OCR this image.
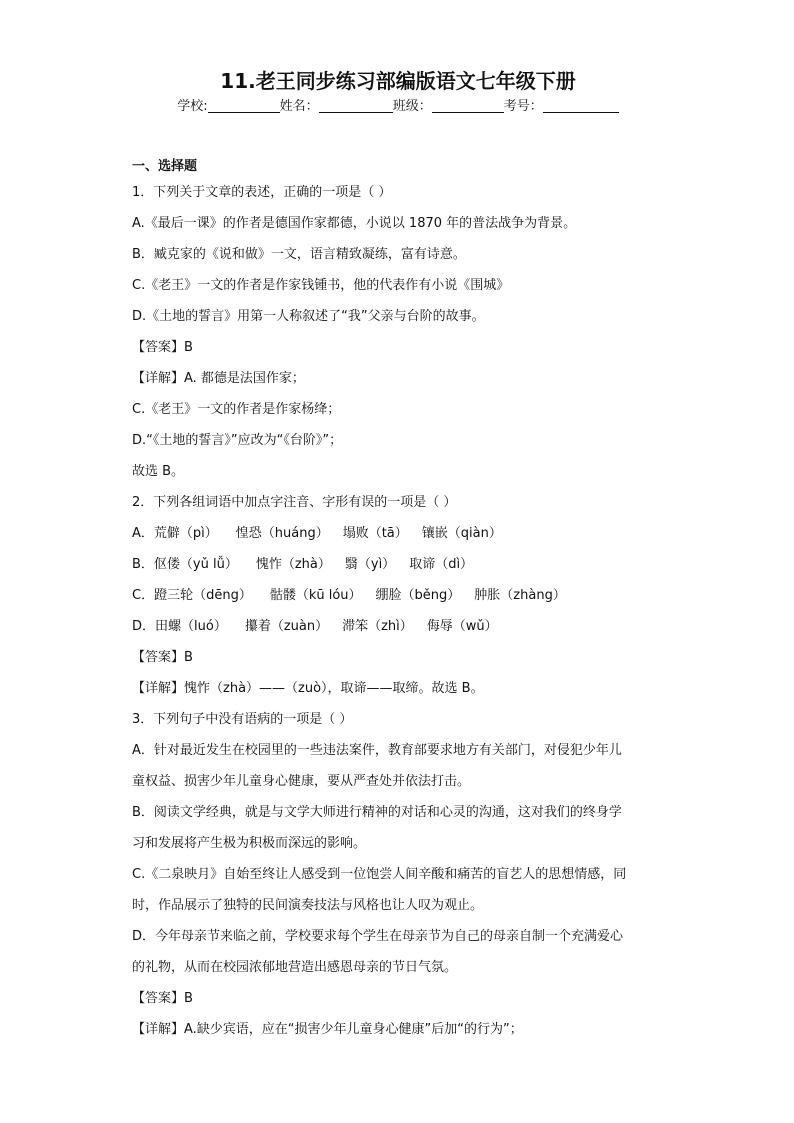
11.老王同步练习部编版语文七年级下册
学校:	姓名：	班级：	考号：

一、选择题

1．下列关于文章的表述，正确的一项是（ ）

A.《最后一课》的作者是德国作家都德，小说以 1870 年的普法战争为背景。

B．臧克家的《说和做》一文，语言精致凝练，富有诗意。

C.《老王》一文的作者是作家钱锺书，他的代表作有小说《围城》

D.《土地的誓言》用第一人称叙述了“我”父亲与台阶的故事。

【答案】B

【详解】A. 都德是法国作家；

C.《老王》一文的作者是作家杨绛；

D.“《土地的誓言》”应改为“《台阶》”；

故选 B。

2．下列各组词语中加点字注音、字形有误的一项是（ ）

A．荒僻（pì） 惶恐（huáng） 塌败（tā） 镶嵌（qiàn）

B．伛偻（yǔ lǚ） 愧怍（zhà） 翳（yì） 取谛（dì）

C．蹬三轮（dēng） 骷髅（kū lóu） 绷脸（běng） 肿胀（zhàng）

D．田螺（luó） 攥着（zuàn） 滞笨（zhì） 侮辱（wǔ）

【答案】B

【详解】愧怍（zhà）——（zuò），取谛——取缔。故选 B。

3．下列句子中没有语病的一项是（ ）

A．针对最近发生在校园里的一些违法案件，教育部要求地方有关部门，对侵犯少年儿

童权益、损害少年儿童身心健康，要从严查处并依法打击。

B．阅读文学经典，就是与文学大师进行精神的对话和心灵的沟通，这对我们的终身学

习和发展将产生极为积极而深远的影响。

C.《二泉映月》自始至终让人感受到一位饱尝人间辛酸和痛苦的盲艺人的思想情感，同

时，作品展示了独特的民间演奏技法与风格也让人叹为观止。

D．今年母亲节来临之前，学校要求每个学生在母亲节为自己的母亲自制一个充满爱心

的礼物，从而在校园浓郁地营造出感恩母亲的节日气氛。

【答案】B

【详解】A.缺少宾语，应在“损害少年儿童身心健康”后加“的行为”；
